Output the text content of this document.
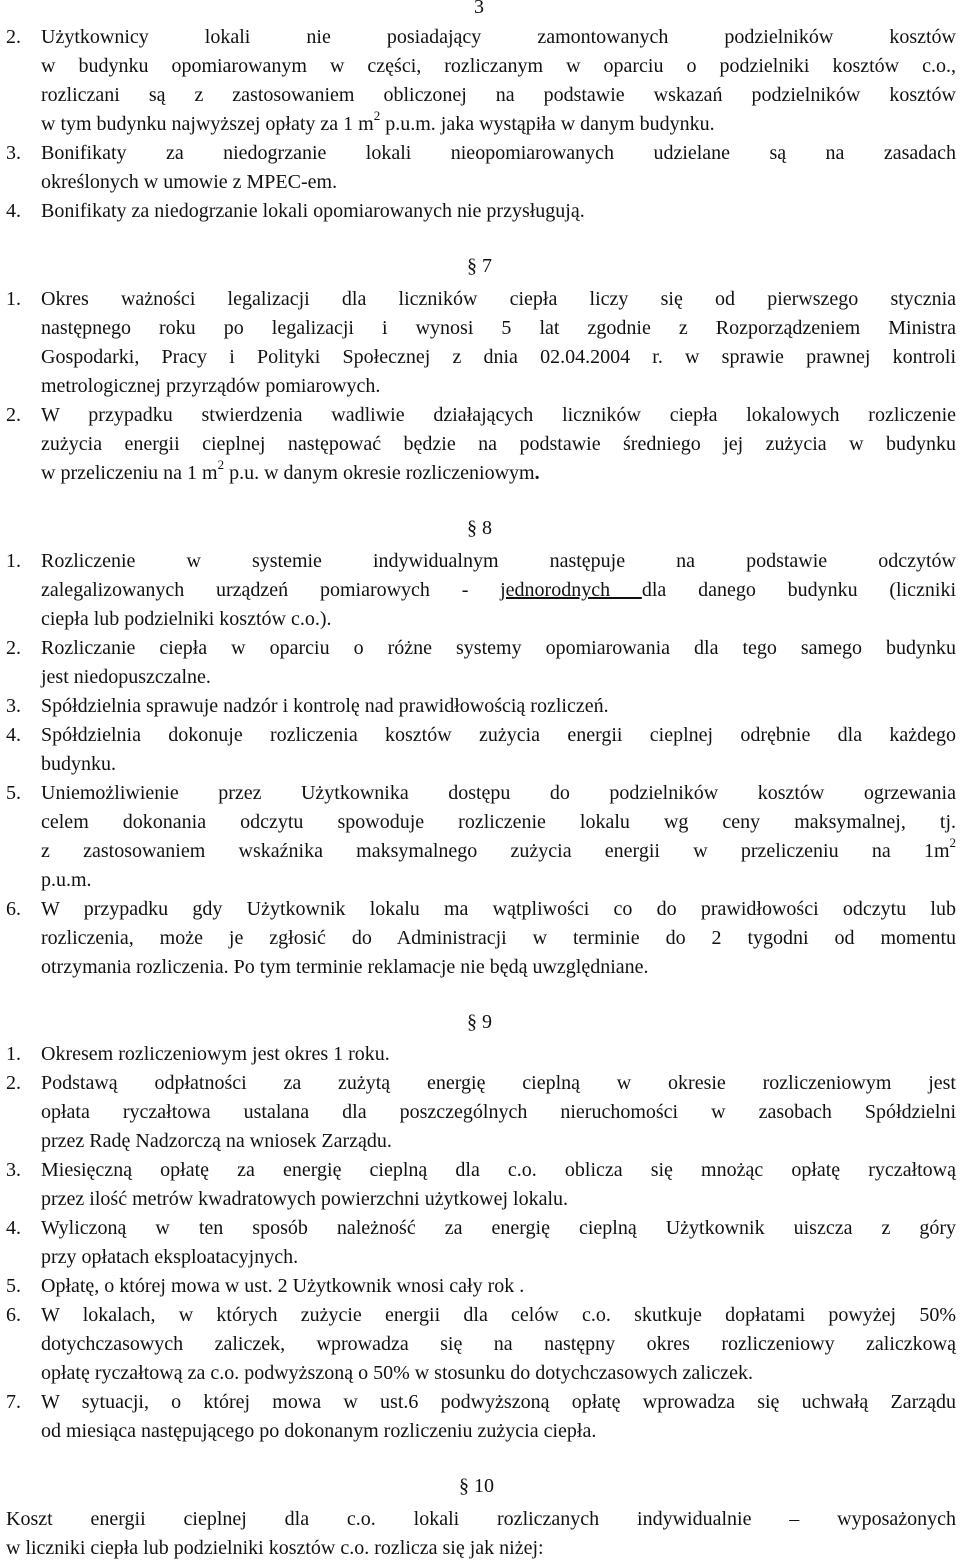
3
2. Użytkownicy lokali nie posiadający zamontowanych podzielników kosztów
w budynku opomiarowanym w części, rozliczanym w oparciu o podzielniki kosztów c.o.,
rozliczani są z zastosowaniem obliczonej na podstawie wskazań podzielników kosztów
w tym budynku najwyższej opłaty za 1 $m^2$ p.u.m. jaka wystąpiła w danym budynku.
3. Bonifikaty za niedogrzanie lokali nieopomiarowanych udzielane są na zasadach
określonych w umowie z MPEC-em.
4. Bonifikaty za niedogrzanie lokali opomiarowanych nie przysługują.
§ 7
1. Okres ważności legalizacji dla liczników ciepła liczy się od pierwszego stycznia
następnego roku po legalizacji i wynosi 5 lat zgodnie z Rozporządzeniem Ministra
Gospodarki, Pracy i Polityki Społecznej z dnia 02.04.2004 r. w sprawie prawnej kontroli
metrologicznej przyrządów pomiarowych.
2. W przypadku stwierdzenia wadliwie działających liczników ciepła lokalowych rozliczenie
zużycia energii cieplnej następować będzie na podstawie średniego jej zużycia w budynku
w przeliczeniu na 1 $m^2$ p.u. w danym okresie rozliczeniowym.
§ 8
1. Rozliczenie w systemie indywidualnym następuje na podstawie odczytów
zalegalizowanych urządzeń pomiarowych - jednorodnych dla danego budynku (liczniki
ciepła lub podzielniki kosztów c.o.).
2. Rozliczanie ciepła w oparciu o różne systemy opomiarowania dla tego samego budynku
jest niedopuszczalne.
3. Spółdzielnia sprawuje nadzór i kontrolę nad prawidłowością rozliczeń.
4. Spółdzielnia dokonuje rozliczenia kosztów zużycia energii cieplnej odrębnie dla każdego
budynku.
5. Uniemożliwienie przez Użytkownika dostępu do podzielników kosztów ogrzewania
celem dokonania odczytu spowoduje rozliczenie lokalu wg ceny maksymalnej, tj.
z zastosowaniem wskaźnika maksymalnego zużycia energii w przeliczeniu na $1m^2$
p.u.m.
6. W przypadku gdy Użytkownik lokalu ma wątpliwości co do prawidłowości odczytu lub
rozliczenia, może je zgłosić do Administracji w terminie do 2 tygodni od momentu
otrzymania rozliczenia. Po tym terminie reklamacje nie będą uwzględniane.
§ 9
1. Okresem rozliczeniowym jest okres 1 roku.
2. Podstawą odpłatności za zużytą energię cieplną w okresie rozliczeniowym jest
opłata ryczałtowa ustalana dla poszczególnych nieruchomości w zasobach Spółdzielni
przez Radę Nadzorczą na wniosek Zarządu.
3. Miesięczną opłatę za energię cieplną dla c.o. oblicza się mnożąc opłatę ryczałtową
przez ilość metrów kwadratowych powierzchni użytkowej lokalu.
4. Wyliczoną w ten sposób należność za energię cieplną Użytkownik uiszcza z góry
przy opłatach eksploatacyjnych.
5. Opłatę, o której mowa w ust. 2 Użytkownik wnosi cały rok .
6. W lokalach, w których zużycie energii dla celów c.o. skutkuje dopłatami powyżej 50%
dotychczasowych zaliczek, wprowadza się na następny okres rozliczeniowy zaliczkową
opłatę ryczałtową za c.o. podwyższoną o 50% w stosunku do dotychczasowych zaliczek.
7. W sytuacji, o której mowa w ust.6 podwyższoną opłatę wprowadza się uchwałą Zarządu
od miesiąca następującego po dokonanym rozliczeniu zużycia ciepła.
§ 10
Koszt energii cieplnej dla c.o. lokali rozliczanych indywidualnie – wyposażonych
w liczniki ciepła lub podzielniki kosztów c.o. rozlicza się jak niżej:
